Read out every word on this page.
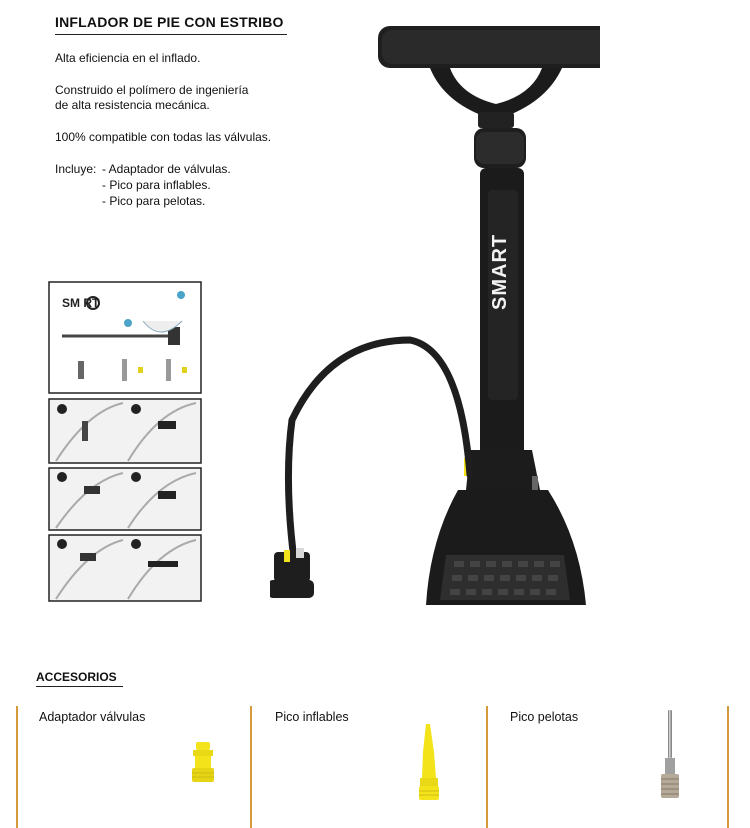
INFLADOR DE PIE CON ESTRIBO
Alta eficiencia en el inflado.
Construido el polímero de ingeniería
de alta resistencia mecánica.
100% compatible con todas las válvulas.
Incluye: - Adaptador de válvulas.
- Pico para inflables.
- Pico para pelotas.
SM RT	SMART
ACCESORIOS
Adaptador válvulas	Pico inflables	Pico pelotas
